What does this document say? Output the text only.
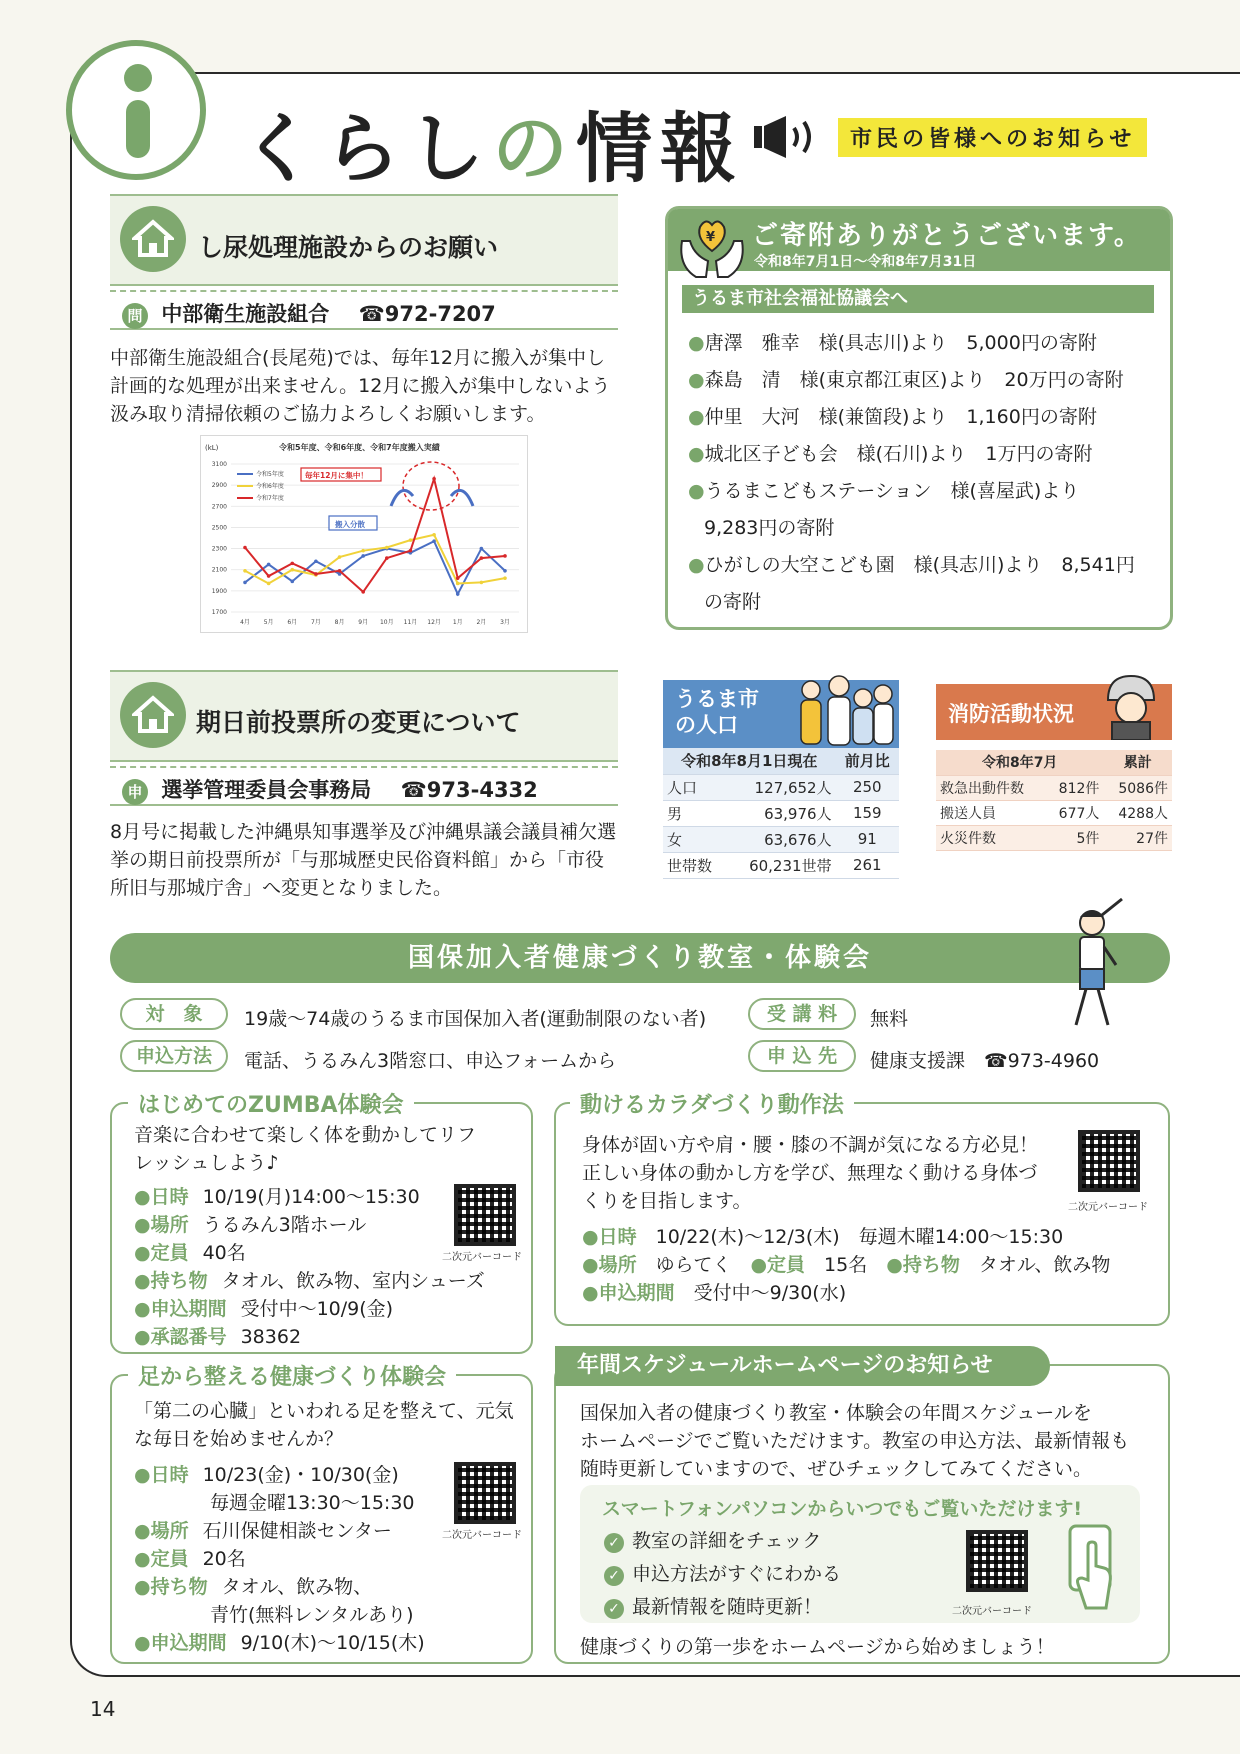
くらしの情報	市民の皆様へのお知らせ
し尿処理施設からのお願い
問 中部衛生施設組合 ☎972-7207
中部衛生施設組合(長尾苑)では、毎年12月に搬入が集中し計画的な処理が出来ません。12月に搬入が集中しないよう汲み取り清掃依頼のご協力よろしくお願いします。
(kL)	令和5年度、令和6年度、令和7年度搬入実績
1700
1900
2100
2300
2500
2700
2900
3100
4月 5月 6月 7月 8月 9月 10月 11月 12月 1月 2月 3月
令和5年度
令和6年度
令和7年度
毎年12月に集中！
搬入分散
¥ ご寄附ありがとうございます。
令和8年7月1日～令和8年7月31日
うるま市社会福祉協議会へ
●唐澤　雅幸　様(具志川)より　5,000円の寄附
●森島　清　様(東京都江東区)より　20万円の寄附
●仲里　大河　様(兼箇段)より　1,160円の寄附
●城北区子ども会　様(石川)より　1万円の寄附
●うるまこどもステーション　様(喜屋武)より
9,283円の寄附
●ひがしの大空こども園　様(具志川)より　8,541円
の寄附
期日前投票所の変更について
申 選挙管理委員会事務局 ☎973-4332
8月号に掲載した沖縄県知事選挙及び沖縄県議会議員補欠選挙の期日前投票所が「与那城歴史民俗資料館」から「市役所旧与那城庁舎」へ変更となりました。
うるま市
の人口
令和8年8月1日現在		前月比
人口	127,652人	250
男	63,976人	159
女	63,676人	91
世帯数	60,231世帯	261
消防活動状況
令和8年7月		累計
救急出動件数	812件	5086件
搬送人員	677人	4288人
火災件数	5件	27件
国保加入者健康づくり教室・体験会
対　象	19歳～74歳のうるま市国保加入者(運動制限のない者)	受 講 料	無料
申込方法	電話、うるみん3階窓口、申込フォームから	申 込 先	健康支援課　☎973-4960
はじめてのZUMBA体験会
音楽に合わせて楽しく体を動かしてリフ
レッシュしよう♪
●日時 10/19(月)14:00～15:30
●場所 うるみん3階ホール
●定員 40名
●持ち物 タオル、飲み物、室内シューズ
●申込期間 受付中～10/9(金)
●承認番号 38362
二次元バーコード
動けるカラダづくり動作法
身体が固い方や肩・腰・膝の不調が気になる方必見！
正しい身体の動かし方を学び、無理なく動ける身体づ
くりを目指します。
●日時　 10/22(木)～12/3(木)　毎週木曜14:00～15:30
●場所　 ゆらてく　 ●定員　 15名　 ●持ち物　 タオル、飲み物
●申込期間　 受付中～9/30(水)
二次元バーコード
足から整える健康づくり体験会
「第二の心臓」といわれる足を整えて、元気
な毎日を始めませんか？
●日時 10/23(金)・10/30(金)
毎週金曜13:30～15:30
●場所 石川保健相談センター
●定員 20名
●持ち物 タオル、飲み物、
青竹(無料レンタルあり)
●申込期間 9/10(木)～10/15(木)
二次元バーコード
年間スケジュールホームページのお知らせ
国保加入者の健康づくり教室・体験会の年間スケジュールを
ホームページでご覧いただけます。教室の申込方法、最新情報も
随時更新していますので、ぜひチェックしてみてください。
スマートフォンパソコンからいつでもご覧いただけます!
✓ 教室の詳細をチェック
✓ 申込方法がすぐにわかる
✓ 最新情報を随時更新！	二次元バーコード
健康づくりの第一歩をホームページから始めましょう！
14
